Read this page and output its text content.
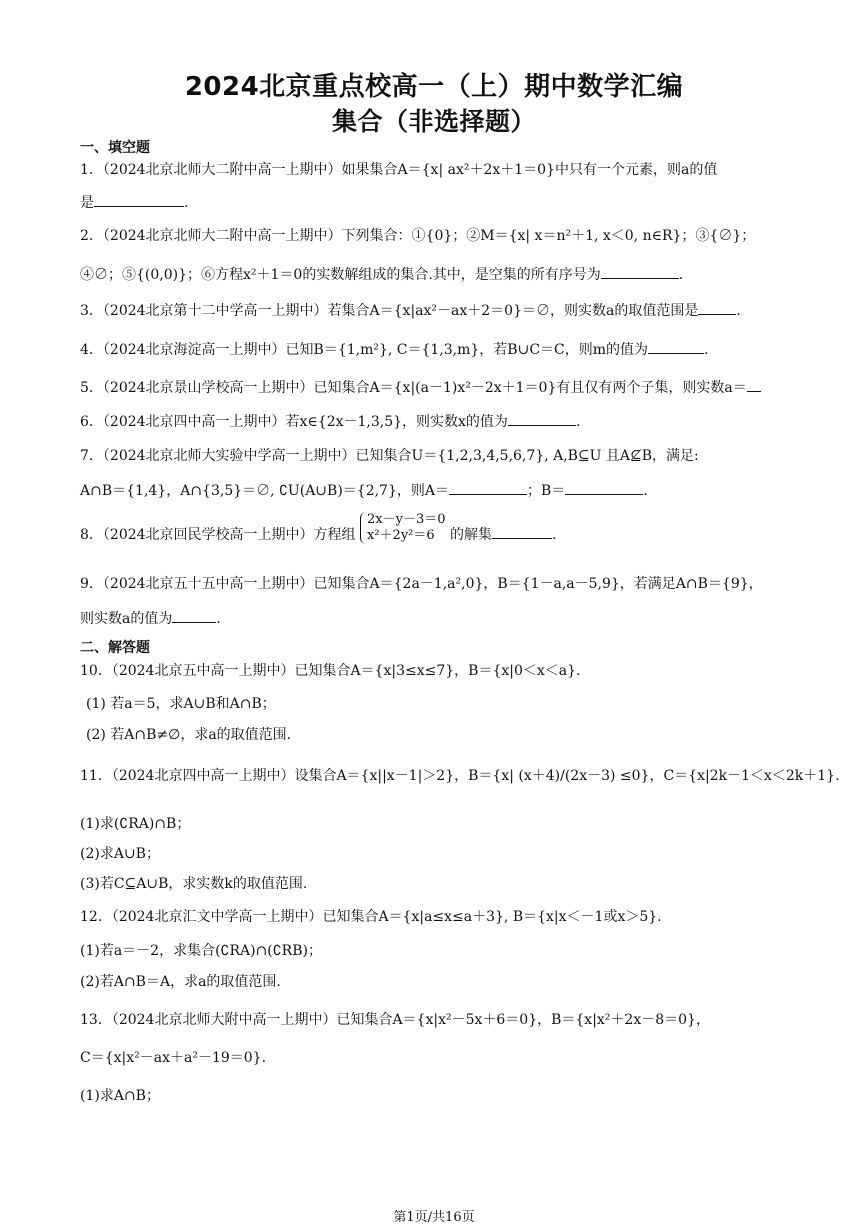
2024北京重点校高一（上）期中数学汇编
集合（非选择题）
一、填空题
1．（2024北京北师大二附中高一上期中）如果集合A＝{x| ax²＋2x＋1＝0}中只有一个元素，则a的值
是	.
2．（2024北京北师大二附中高一上期中）下列集合：①{0}；②M＝{x| x＝n²＋1, x＜0, n∈R}；③{∅}；
④∅；⑤{(0,0)}；⑥方程x²＋1＝0的实数解组成的集合.其中，是空集的所有序号为	.
3．（2024北京第十二中学高一上期中）若集合A＝{x|ax²－ax＋2＝0}＝∅，则实数a的取值范围是	.
4．（2024北京海淀高一上期中）已知B＝{1,m²}, C＝{1,3,m}，若B∪C＝C，则m的值为	.
5．（2024北京景山学校高一上期中）已知集合A＝{x|(a－1)x²－2x＋1＝0}有且仅有两个子集，则实数a＝
6．（2024北京四中高一上期中）若x∈{2x－1,3,5}，则实数x的值为	.
7．（2024北京北师大实验中学高一上期中）已知集合U＝{1,2,3,4,5,6,7}, A,B⊆U 且A⊈B，满足:
A∩B＝{1,4}，A∩{3,5}＝∅, ∁U(A∪B)＝{2,7}，则A＝	；B＝	.
8．（2024北京回民学校高一上期中）方程组
2x－y－3＝0
x²＋2y²＝6	的解集	.
9．（2024北京五十五中高一上期中）已知集合A＝{2a－1,a²,0}，B＝{1－a,a－5,9}，若满足A∩B＝{9}，
则实数a的值为	.
二、解答题
10．（2024北京五中高一上期中）已知集合A＝{x|3≤x≤7}，B＝{x|0＜x＜a}.
(1) 若a＝5，求A∪B和A∩B；
(2) 若A∩B≠∅，求a的取值范围.
11．（2024北京四中高一上期中）设集合A＝{x||x－1|＞2}，B＝{x| (x＋4)/(2x－3) ≤0}，C＝{x|2k－1＜x＜2k＋1}.
(1)求(∁RA)∩B；
(2)求A∪B；
(3)若C⊆A∪B，求实数k的取值范围.
12．（2024北京汇文中学高一上期中）已知集合A＝{x|a≤x≤a＋3}, B＝{x|x＜－1或x＞5}.
(1)若a＝－2，求集合(∁RA)∩(∁RB)；
(2)若A∩B＝A，求a的取值范围.
13．（2024北京北师大附中高一上期中）已知集合A＝{x|x²－5x＋6＝0}，B＝{x|x²＋2x－8＝0}，
C＝{x|x²－ax＋a²－19＝0}.
(1)求A∩B；
第1页/共16页
